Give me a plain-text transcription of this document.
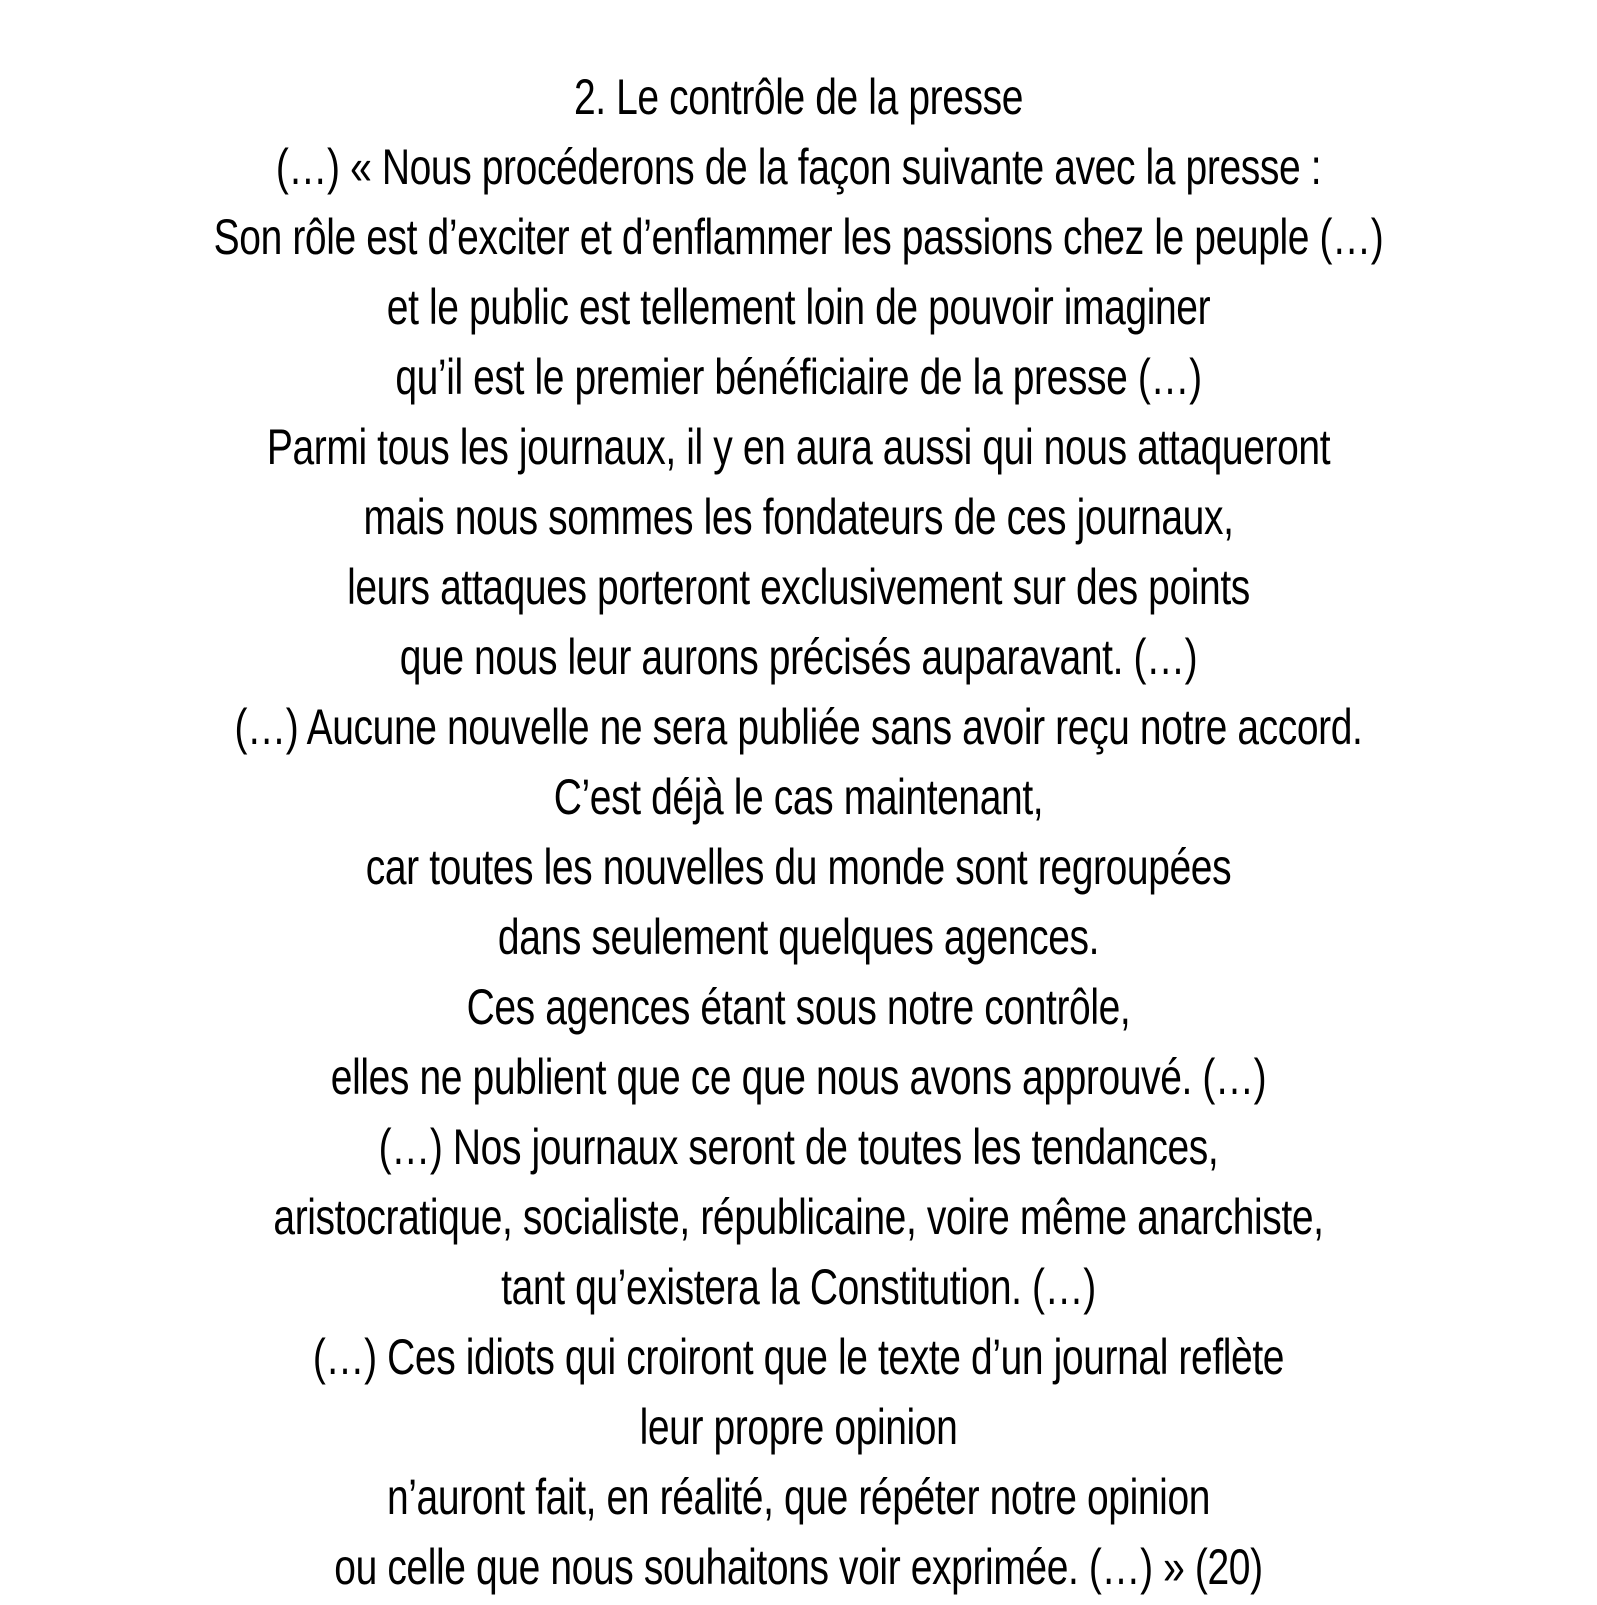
2. Le contrôle de la presse
(…) « Nous procéderons de la façon suivante avec la presse :
Son rôle est d’exciter et d’enflammer les passions chez le peuple (…)
et le public est tellement loin de pouvoir imaginer
qu’il est le premier bénéficiaire de la presse (…)
Parmi tous les journaux, il y en aura aussi qui nous attaqueront
mais nous sommes les fondateurs de ces journaux,
leurs attaques porteront exclusivement sur des points
que nous leur aurons précisés auparavant. (…)
(…) Aucune nouvelle ne sera publiée sans avoir reçu notre accord.
C’est déjà le cas maintenant,
car toutes les nouvelles du monde sont regroupées
dans seulement quelques agences.
Ces agences étant sous notre contrôle,
elles ne publient que ce que nous avons approuvé. (…)
(…) Nos journaux seront de toutes les tendances,
aristocratique, socialiste, républicaine, voire même anarchiste,
tant qu’existera la Constitution. (…)
(…) Ces idiots qui croiront que le texte d’un journal reflète
leur propre opinion
n’auront fait, en réalité, que répéter notre opinion
ou celle que nous souhaitons voir exprimée. (…) » (20)
